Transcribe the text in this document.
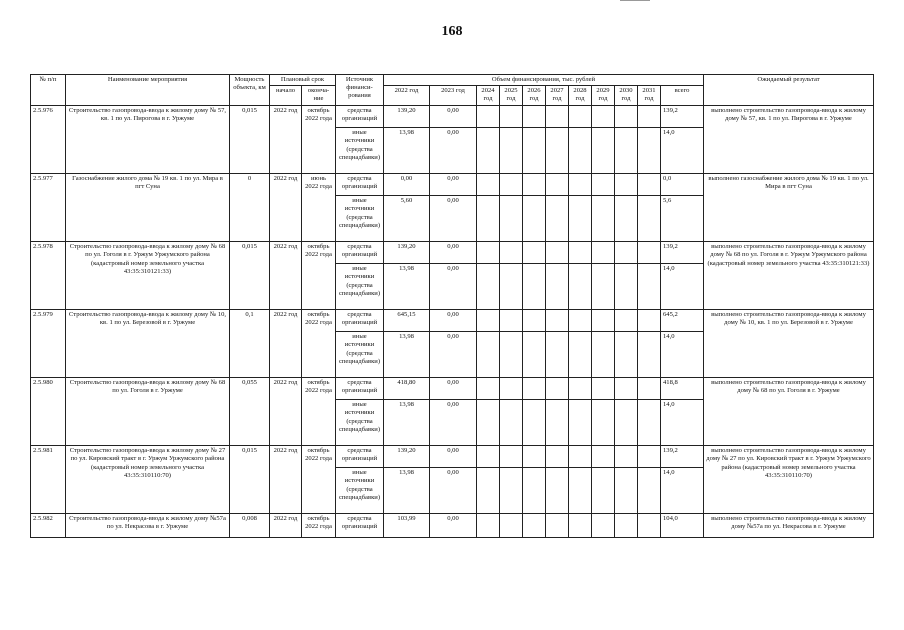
168
№ п/п	Наименование мероприятия	Мощность объекта, км	Плановый срок		Источник финанси- рования	Объем финансирования, тыс. рублей											Ожидаемый результат
			начало	оконча- ние		2022 год	2023 год	2024 год	2025 год	2026 год	2027 год	2028 год	2029 год	2030 год	2031 год	всего	

2.5.976	Строительство газопровода-ввода к жилому дому № 57, кв. 1 по ул. Пирогова в г. Уржуме	0,015	2022 год	октябрь 2022 года	средства организаций	139,20	0,00									139,2	выполнено строительство газопровода-ввода к жилому дому № 57, кв. 1 по ул. Пирогова в г. Уржуме
					иные источники (средства спецнадбавки)	13,98	0,00									14,0	
2.5.977	Газоснабжение жилого дома № 19 кв. 1 по ул. Мира в пгт Суна	0	2022 год	июнь 2022 года	средства организаций	0,00	0,00									0,0	выполнено газоснабжение жилого дома № 19 кв. 1 по ул. Мира в пгт Суна
					иные источники (средства спецнадбавки)	5,60	0,00									5,6	
2.5.978	Строительство газопровода-ввода к жилому дому № 68 по ул. Гоголя в г. Уржум Уржумского района (кадастровый номер земельного участка 43:35:310121:33)	0,015	2022 год	октябрь 2022 года	средства организаций	139,20	0,00									139,2	выполнено строительство газопровода-ввода к жилому дому № 68 по ул. Гоголя в г. Уржум Уржумского района (кадастровый номер земельного участка 43:35:310121:33)
					иные источники (средства спецнадбавки)	13,98	0,00									14,0	
2.5.979	Строительство газопровода-ввода к жилому дому № 10, кв. 1 по ул. Березовой в г. Уржуме	0,1	2022 год	октябрь 2022 года	средства организаций	645,15	0,00									645,2	выполнено строительство газопровода-ввода к жилому дому № 10, кв. 1 по ул. Березовой в г. Уржуме
					иные источники (средства спецнадбавки)	13,98	0,00									14,0	
2.5.980	Строительство газопровода-ввода к жилому дому № 68 по ул. Гоголя в г. Уржуме	0,055	2022 год	октябрь 2022 года	средства организаций	418,80	0,00									418,8	выполнено строительство газопровода-ввода к жилому дому № 68 по ул. Гоголя в г. Уржуме
					иные источники (средства спецнадбавки)	13,98	0,00									14,0	
2.5.981	Строительство газопровода-ввода к жилому дому № 27 по ул. Кировский тракт в г. Уржум Уржумского района (кадастровый номер земельного участка 43:35:310110:70)	0,015	2022 год	октябрь 2022 года	средства организаций	139,20	0,00									139,2	выполнено строительство газопровода-ввода к жилому дому № 27 по ул. Кировский тракт в г. Уржум Уржумского района (кадастровый номер земельного участка 43:35:310110:70)
					иные источники (средства спецнадбавки)	13,98	0,00									14,0	
2.5.982	Строительство газопровода-ввода к жилому дому №57а по ул. Некрасова в г. Уржуме	0,008	2022 год	октябрь 2022 года	средства организаций	103,99	0,00									104,0	выполнено строительство газопровода-ввода к жилому дому №57а по ул. Некрасова в г. Уржуме
